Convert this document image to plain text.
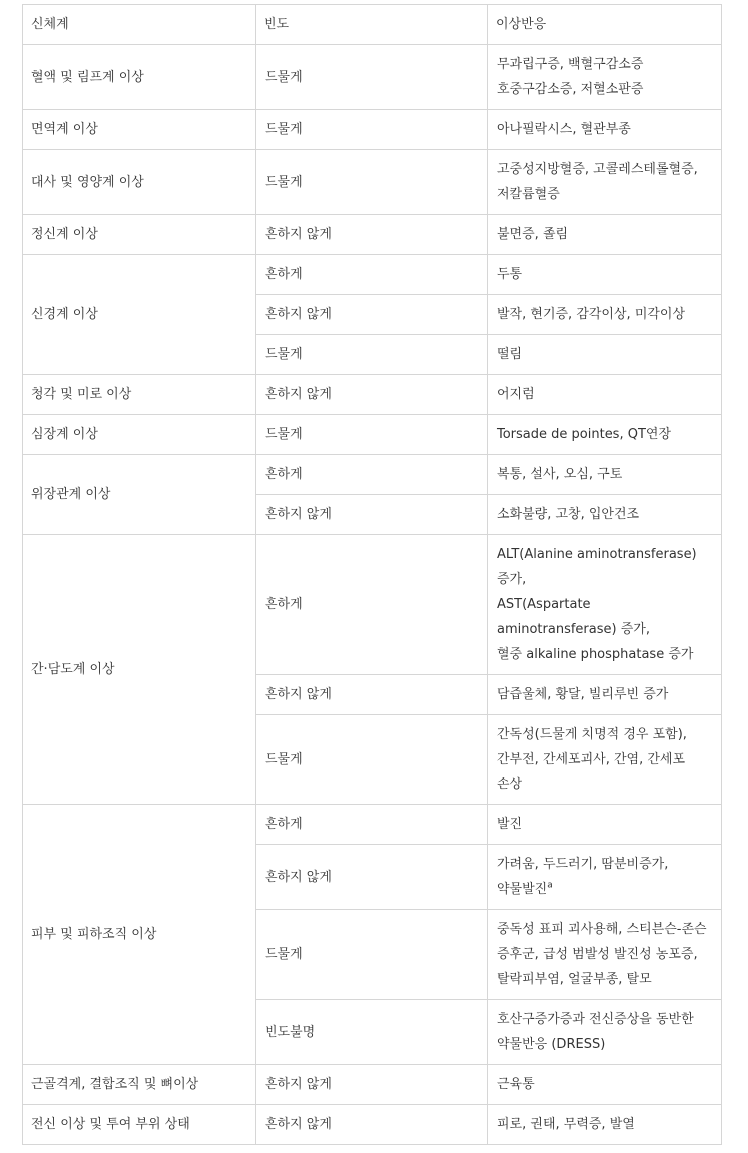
신체계	빈도	이상반응
혈액 및 림프계 이상	드물게	무과립구증, 백혈구감소증
호중구감소증, 저혈소판증
면역계 이상	드물게	아나필락시스, 혈관부종
대사 및 영양계 이상	드물게	고중성지방혈증, 고콜레스테롤혈증, 저칼륨혈증
정신계 이상	흔하지 않게	불면증, 졸림
신경계 이상	흔하게	두통
	흔하지 않게	발작, 현기증, 감각이상, 미각이상
	드물게	떨림
청각 및 미로 이상	흔하지 않게	어지럼
심장계 이상	드물게	Torsade de pointes, QT연장
위장관계 이상	흔하게	복통, 설사, 오심, 구토
	흔하지 않게	소화불량, 고창, 입안건조
간·담도계 이상	흔하게	ALT(Alanine aminotransferase) 증가,
AST(Aspartate aminotransferase) 증가,
혈중 alkaline phosphatase 증가
	흔하지 않게	담즙울체, 황달, 빌리루빈 증가
	드물게	간독성(드물게 치명적 경우 포함), 간부전, 간세포괴사, 간염, 간세포 손상
피부 및 피하조직 이상	흔하게	발진
	흔하지 않게	가려움, 두드러기, 땀분비증가, 약물발진$^a$
	드물게	중독성 표피 괴사용해, 스티븐슨-존슨 증후군, 급성 범발성 발진성 농포증, 탈락피부염, 얼굴부종, 탈모
	빈도불명	호산구증가증과 전신증상을 동반한 약물반응 (DRESS)
근골격계, 결합조직 및 뼈이상	흔하지 않게	근육통
전신 이상 및 투여 부위 상태	흔하지 않게	피로, 권태, 무력증, 발열
